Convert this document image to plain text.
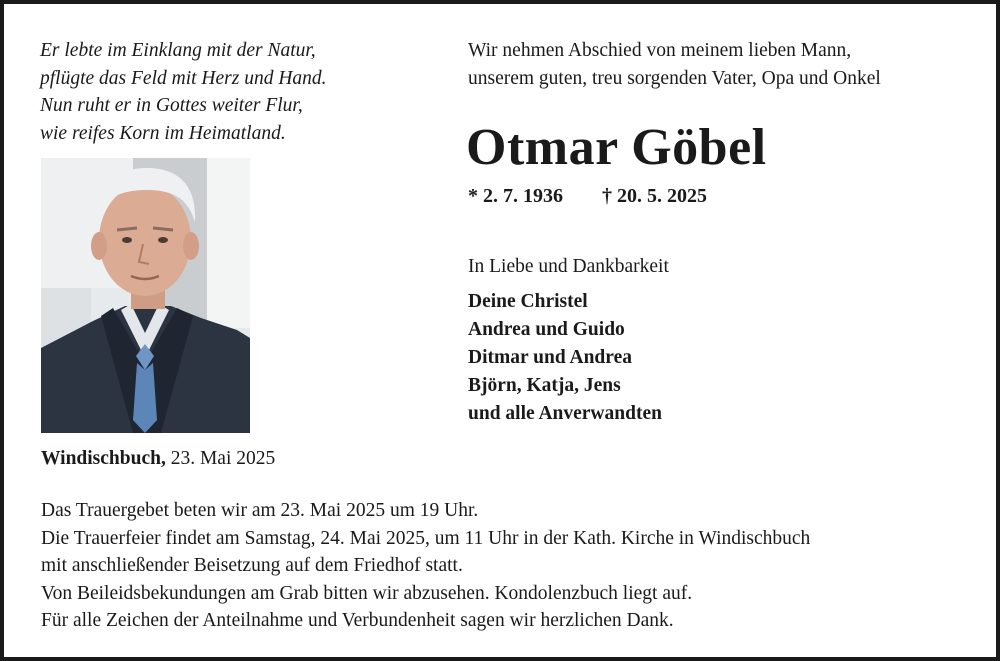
Er lebte im Einklang mit der Natur,
pflügte das Feld mit Herz und Hand.
Nun ruht er in Gottes weiter Flur,
wie reifes Korn im Heimatland.
Windischbuch, 23. Mai 2025
Wir nehmen Abschied von meinem lieben Mann,
unserem guten, treu sorgenden Vater, Opa und Onkel
Otmar Göbel
* 2. 7. 1936 † 20. 5. 2025
In Liebe und Dankbarkeit
Deine Christel
Andrea und Guido
Ditmar und Andrea
Björn, Katja, Jens
und alle Anverwandten
Das Trauergebet beten wir am 23. Mai 2025 um 19 Uhr.
Die Trauerfeier findet am Samstag, 24. Mai 2025, um 11 Uhr in der Kath. Kirche in Windischbuch
mit anschließender Beisetzung auf dem Friedhof statt.
Von Beileidsbekundungen am Grab bitten wir abzusehen. Kondolenzbuch liegt auf.
Für alle Zeichen der Anteilnahme und Verbundenheit sagen wir herzlichen Dank.
